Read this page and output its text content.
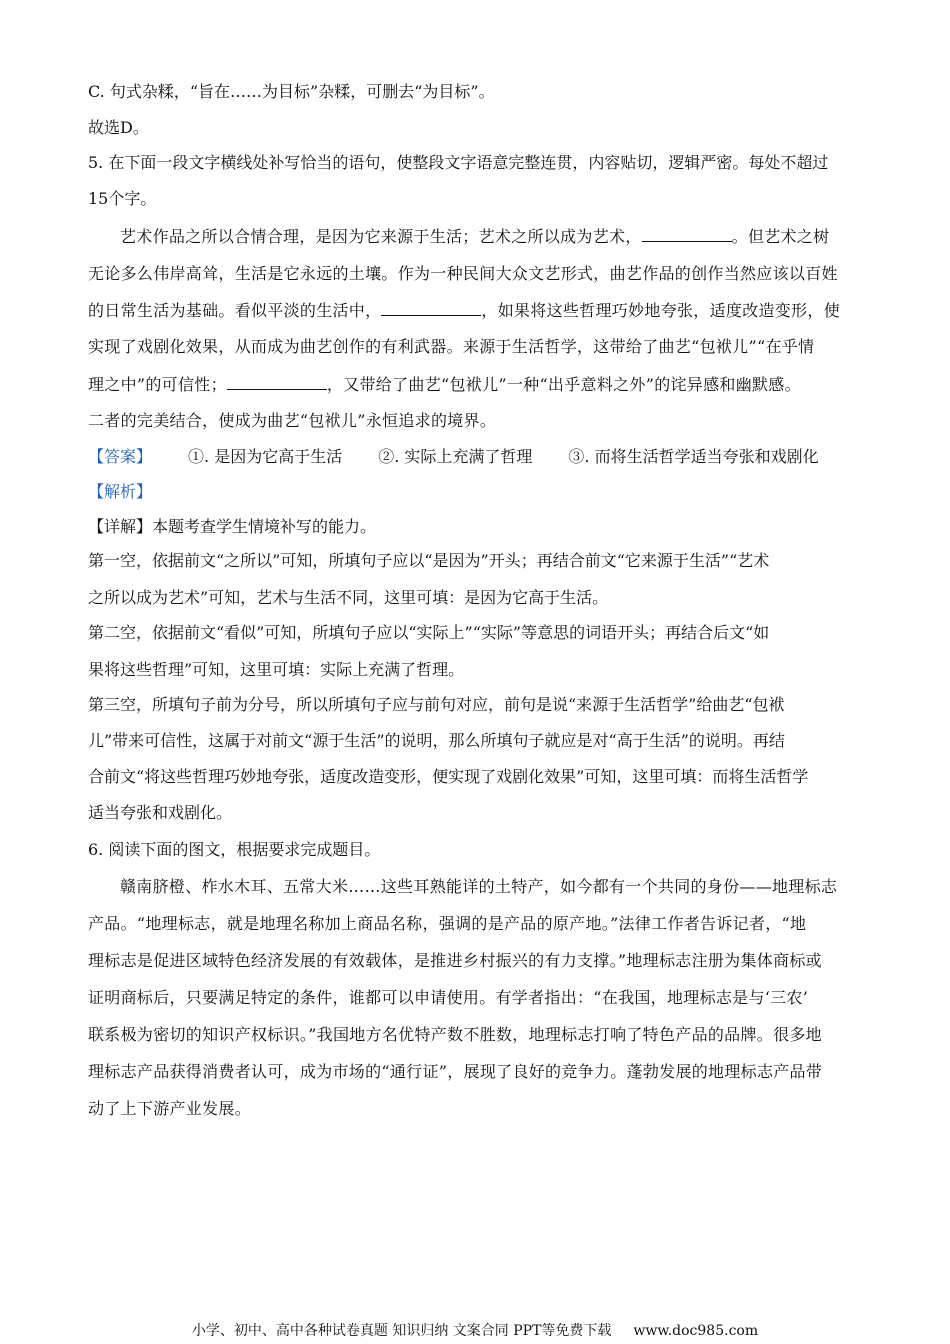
C. 句式杂糅，“旨在……为目标”杂糅，可删去“为目标”。
故选D。
5. 在下面一段文字横线处补写恰当的语句，使整段文字语意完整连贯，内容贴切，逻辑严密。每处不超过
15个字。
艺术作品之所以合情合理，是因为它来源于生活；艺术之所以成为艺术，	。但艺术之树
无论多么伟岸高耸，生活是它永远的土壤。作为一种民间大众文艺形式，曲艺作品的创作当然应该以百姓
的日常生活为基础。看似平淡的生活中，	，如果将这些哲理巧妙地夸张，适度改造变形，使
实现了戏剧化效果，从而成为曲艺创作的有利武器。来源于生活哲学，这带给了曲艺“包袱儿”“在乎情
理之中”的可信性；	，又带给了曲艺“包袱儿”一种“出乎意料之外”的诧异感和幽默感。
二者的完美结合，使成为曲艺“包袱儿”永恒追求的境界。
【答案】 ①. 是因为它高于生活 ②. 实际上充满了哲理 ③. 而将生活哲学适当夸张和戏剧化
【解析】
【详解】本题考查学生情境补写的能力。
第一空，依据前文“之所以”可知，所填句子应以“是因为”开头；再结合前文“它来源于生活”“艺术
之所以成为艺术”可知，艺术与生活不同，这里可填：是因为它高于生活。
第二空，依据前文“看似”可知，所填句子应以“实际上”“实际”等意思的词语开头；再结合后文“如
果将这些哲理”可知，这里可填：实际上充满了哲理。
第三空，所填句子前为分号，所以所填句子应与前句对应，前句是说“来源于生活哲学”给曲艺“包袱
儿”带来可信性，这属于对前文“源于生活”的说明，那么所填句子就应是对“高于生活”的说明。再结
合前文“将这些哲理巧妙地夸张，适度改造变形，便实现了戏剧化效果”可知，这里可填：而将生活哲学
适当夸张和戏剧化。
6. 阅读下面的图文，根据要求完成题目。
赣南脐橙、柞水木耳、五常大米……这些耳熟能详的土特产，如今都有一个共同的身份——地理标志
产品。“地理标志，就是地理名称加上商品名称，强调的是产品的原产地。”法律工作者告诉记者，“地
理标志是促进区域特色经济发展的有效载体，是推进乡村振兴的有力支撑。”地理标志注册为集体商标或
证明商标后，只要满足特定的条件，谁都可以申请使用。有学者指出：“在我国，地理标志是与‘三农’
联系极为密切的知识产权标识。”我国地方名优特产数不胜数，地理标志打响了特色产品的品牌。很多地
理标志产品获得消费者认可，成为市场的“通行证”，展现了良好的竞争力。蓬勃发展的地理标志产品带
动了上下游产业发展。
小学、初中、高中各种试卷真题 知识归纳 文案合同 PPT等免费下载 www.doc985.com
